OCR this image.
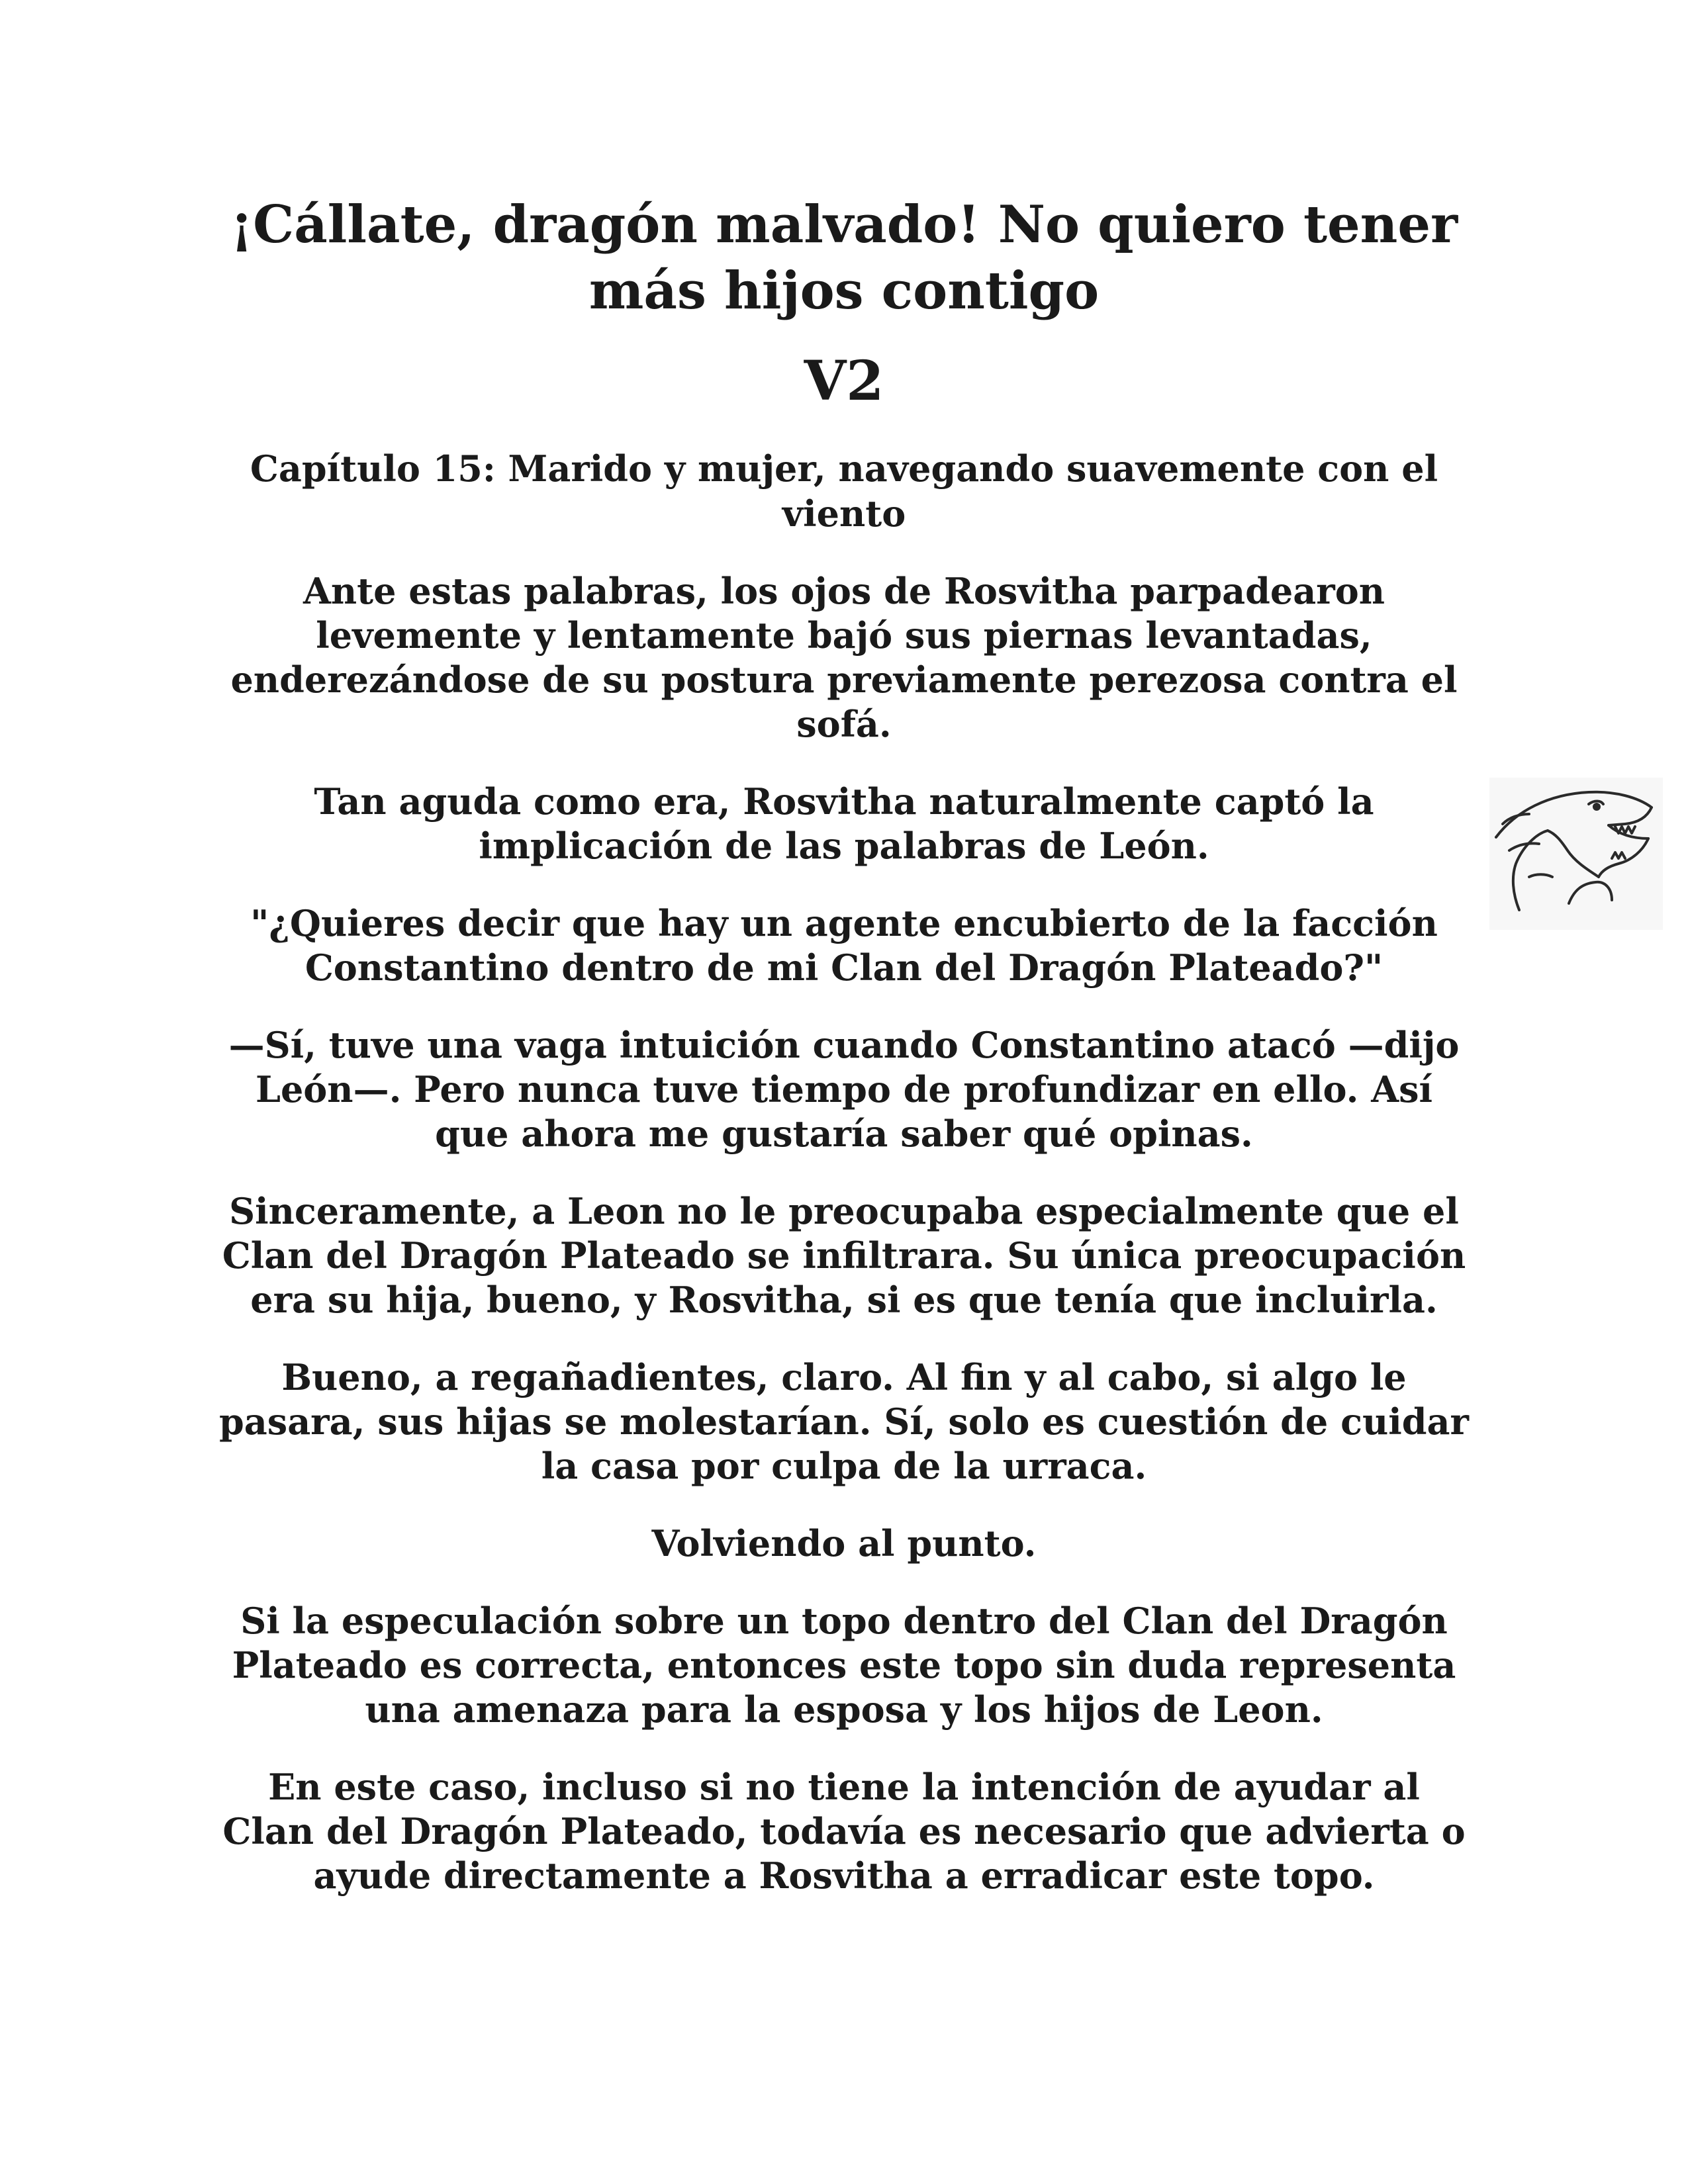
¡Cállate, dragón malvado! No quiero tener
más hijos contigo
V2
Capítulo 15: Marido y mujer, navegando suavemente con el viento

Ante estas palabras, los ojos de Rosvitha parpadearon levemente y lentamente bajó sus piernas levantadas, enderezándose de su postura previamente perezosa contra el sofá.

Tan aguda como era, Rosvitha naturalmente captó la implicación de las palabras de León.

"¿Quieres decir que hay un agente encubierto de la facción Constantino dentro de mi Clan del Dragón Plateado?"

—Sí, tuve una vaga intuición cuando Constantino atacó —dijo León—. Pero nunca tuve tiempo de profundizar en ello. Así que ahora me gustaría saber qué opinas.

Sinceramente, a Leon no le preocupaba especialmente que el Clan del Dragón Plateado se infiltrara. Su única preocupación era su hija, bueno, y Rosvitha, si es que tenía que incluirla.

Bueno, a regañadientes, claro. Al fin y al cabo, si algo le pasara, sus hijas se molestarían. Sí, solo es cuestión de cuidar la casa por culpa de la urraca.

Volviendo al punto.

Si la especulación sobre un topo dentro del Clan del Dragón Plateado es correcta, entonces este topo sin duda representa una amenaza para la esposa y los hijos de Leon.

En este caso, incluso si no tiene la intención de ayudar al Clan del Dragón Plateado, todavía es necesario que advierta o ayude directamente a Rosvitha a erradicar este topo.
